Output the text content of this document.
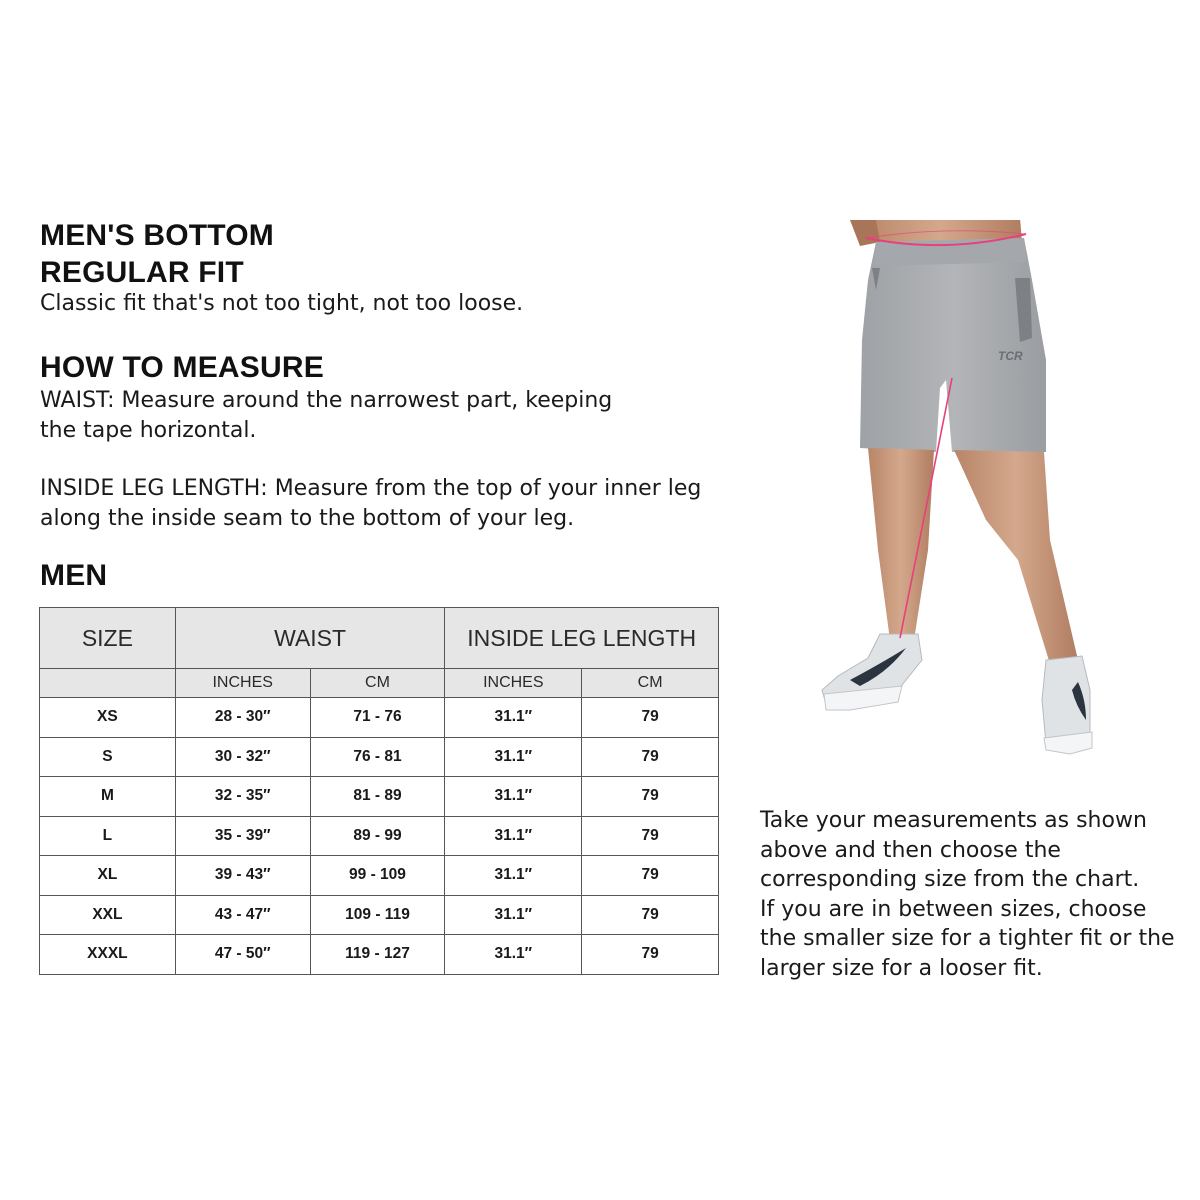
MEN'S BOTTOM
REGULAR FIT
Classic fit that's not too tight, not too loose.
HOW TO MEASURE
WAIST: Measure around the narrowest part, keeping
the tape horizontal.
INSIDE LEG LENGTH: Measure from the top of your inner leg
along the inside seam to the bottom of your leg.
MEN
SIZE	WAIST		INSIDE LEG LENGTH	
	INCHES	CM	INCHES	CM
XS	28 - 30″	71 - 76	31.1″	79
S	30 - 32″	76 - 81	31.1″	79
M	32 - 35″	81 - 89	31.1″	79
L	35 - 39″	89 - 99	31.1″	79
XL	39 - 43″	99 - 109	31.1″	79
XXL	43 - 47″	109 - 119	31.1″	79
XXXL	47 - 50″	119 - 127	31.1″	79
TCR
Take your measurements as shown
above and then choose the
corresponding size from the chart.
If you are in between sizes, choose
the smaller size for a tighter fit or the
larger size for a looser fit.
